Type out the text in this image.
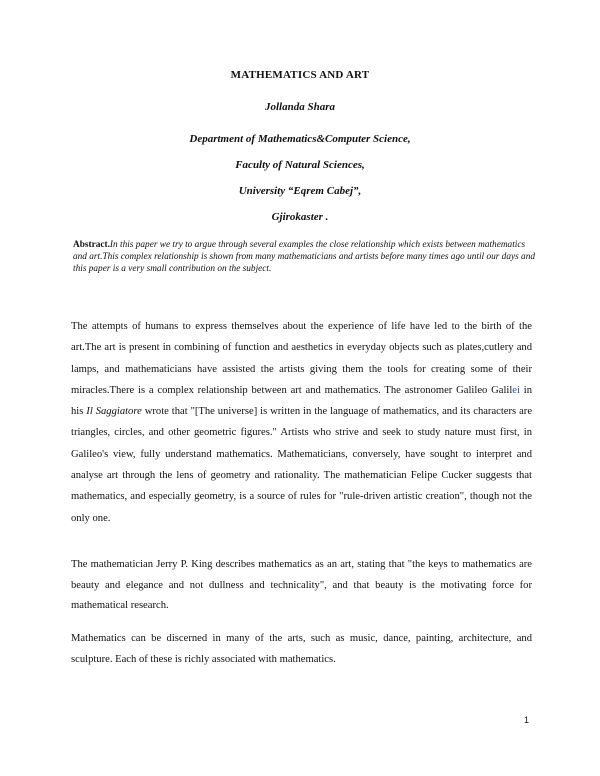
MATHEMATICS AND ART
Jollanda Shara
Department of Mathematics&Computer Science,
Faculty of Natural Sciences,
University “Eqrem Cabej”,
Gjirokaster .
Abstract.In this paper we try to argue through several examples the close relationship which exists between mathematics and art.This complex relationship is shown from many mathematicians and artists before many times ago until our days and this paper is a very small contribution on the subject.

The attempts of humans to express themselves about the experience of life have led to the birth of the art.The art is present in combining of function and aesthetics in everyday objects such as plates,cutlery and lamps, and mathematicians have assisted the artists giving them the tools for creating some of their miracles.There is a complex relationship between art and mathematics. The astronomer Galileo Galilei in his Il Saggiatore wrote that "[The universe] is written in the language of mathematics, and its characters are triangles, circles, and other geometric figures." Artists who strive and seek to study nature must first, in Galileo's view, fully understand mathematics. Mathematicians, conversely, have sought to interpret and analyse art through the lens of geometry and rationality. The mathematician Felipe Cucker suggests that mathematics, and especially geometry, is a source of rules for "rule-driven artistic creation", though not the only one.

The mathematician Jerry P. King describes mathematics as an art, stating that "the keys to mathematics are beauty and elegance and not dullness and technicality", and that beauty is the motivating force for mathematical research.

Mathematics can be discerned in many of the arts, such as music, dance, painting, architecture, and sculpture. Each of these is richly associated with mathematics.

1
